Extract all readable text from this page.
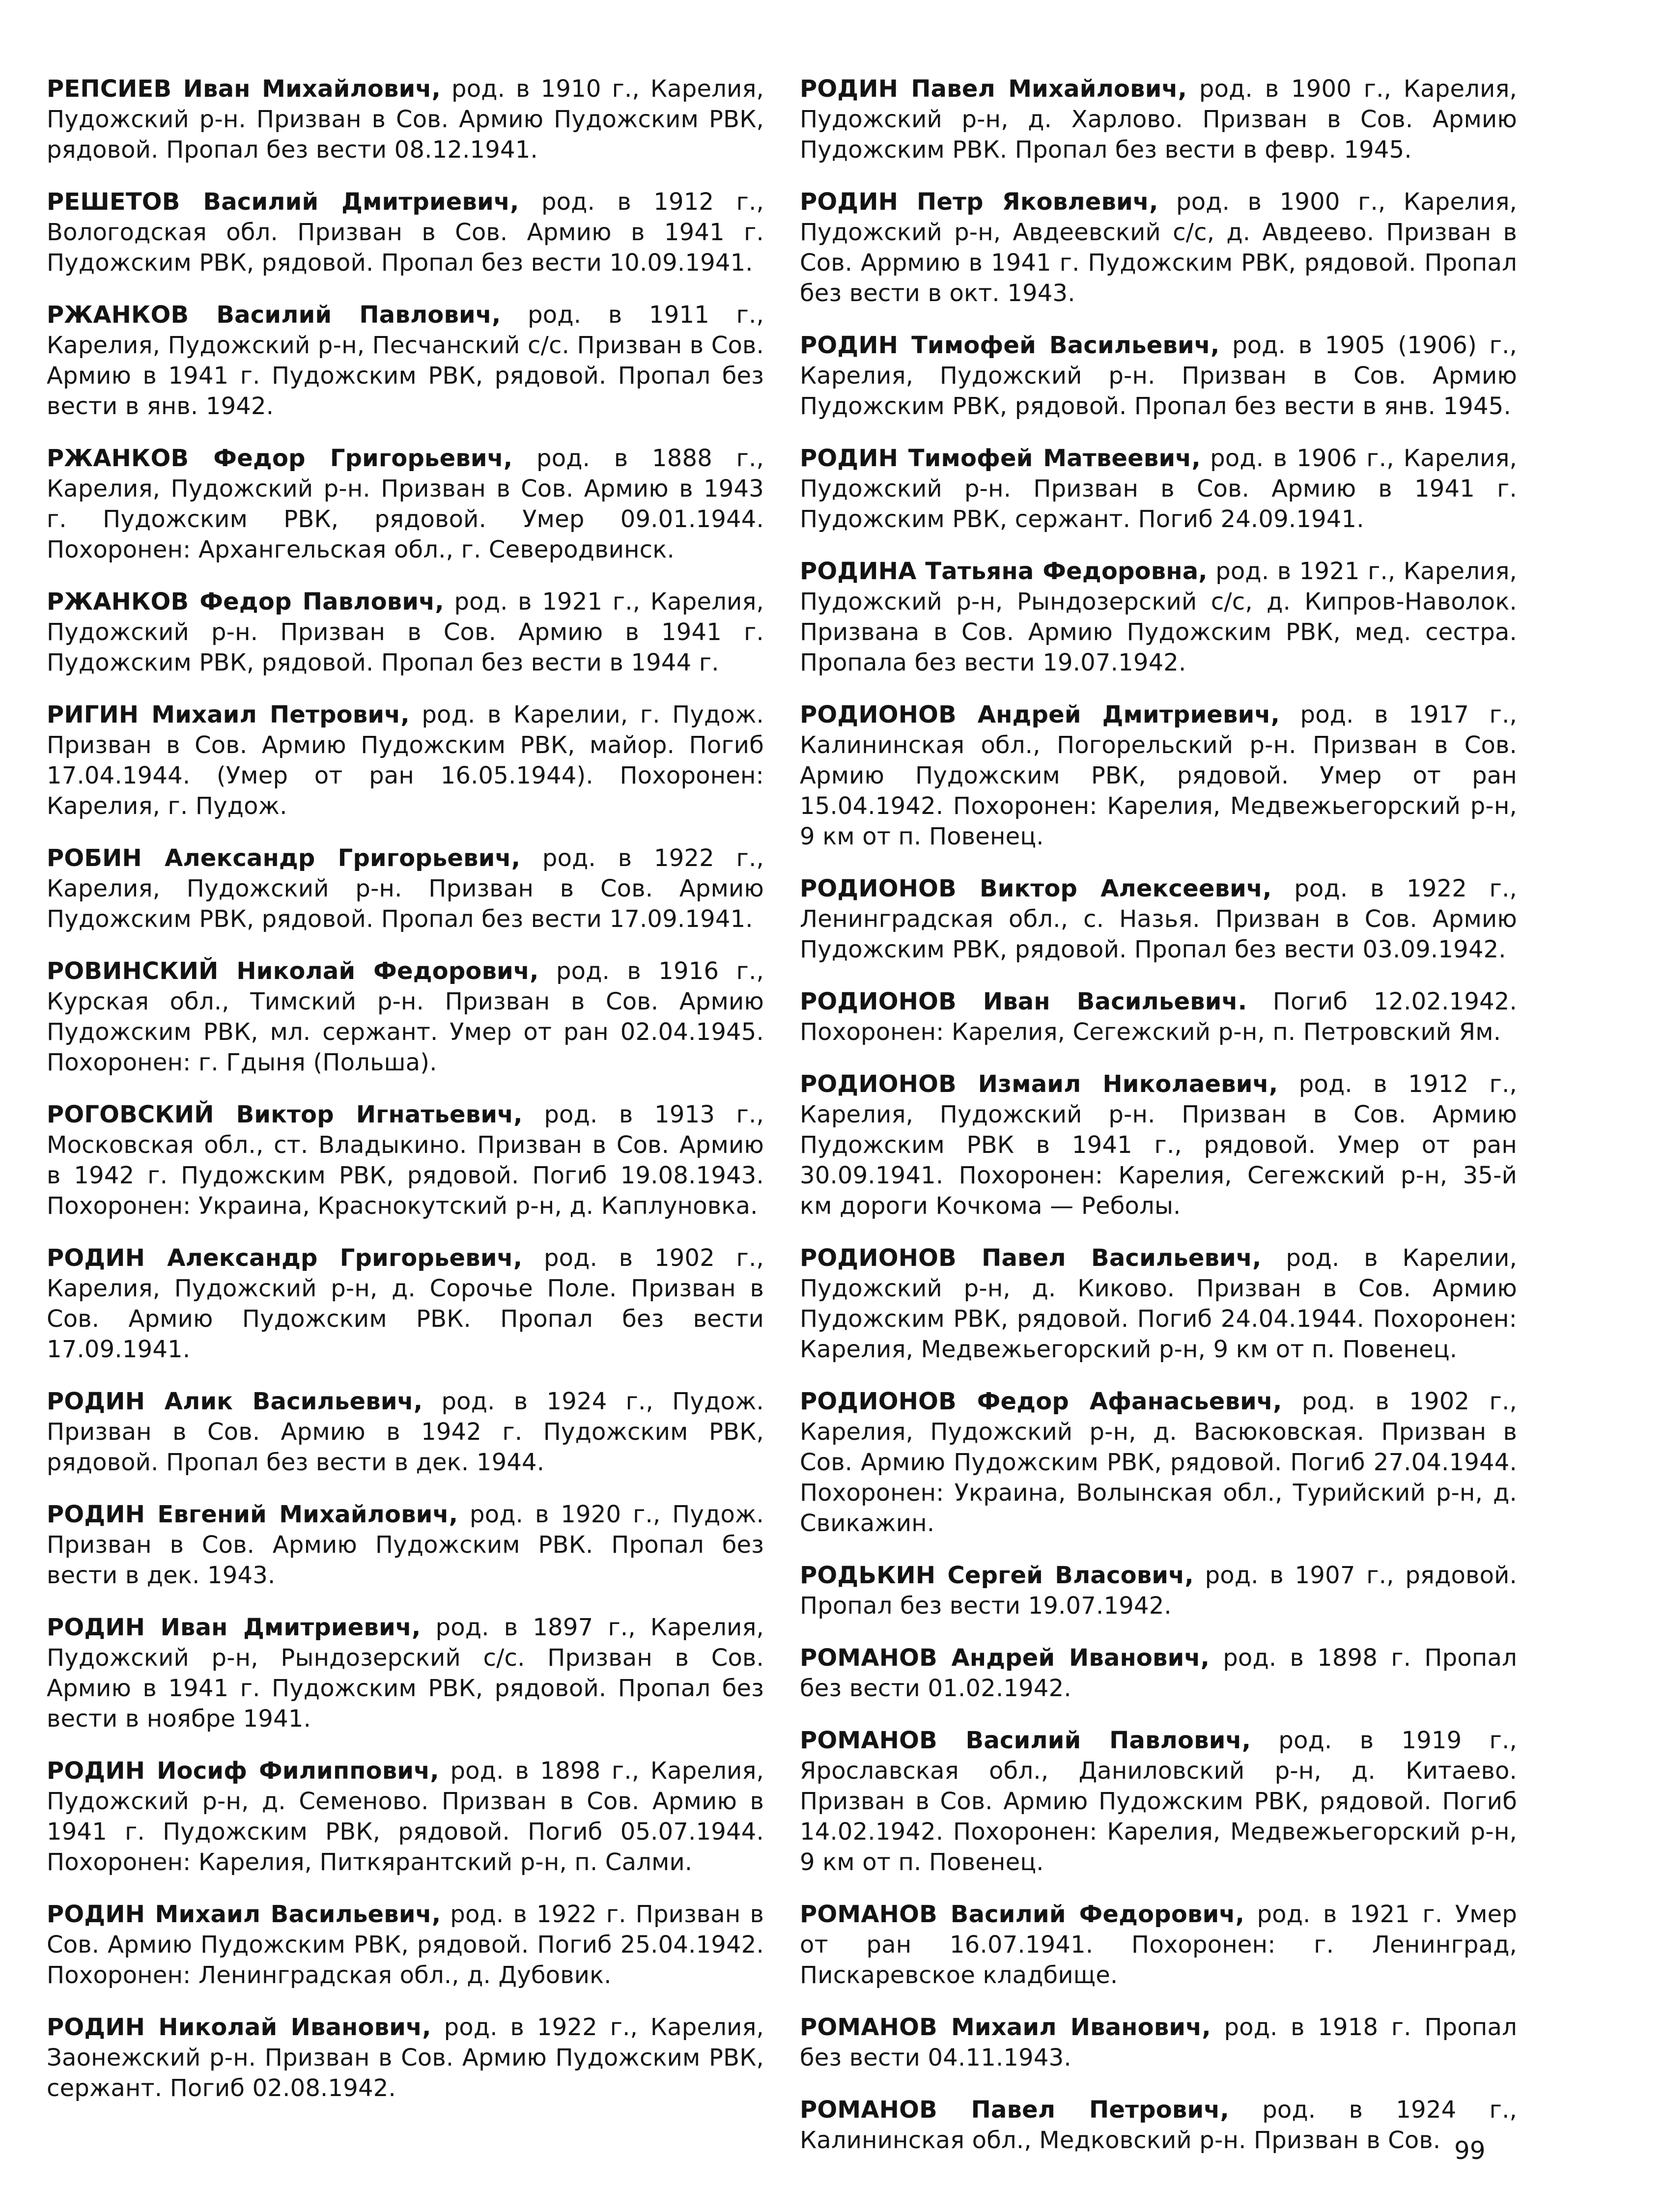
РЕПСИЕВ Иван Михайлович, род. в 1910 г., Карелия, Пудожский р-н. Призван в Сов. Армию Пудожским РВК, рядовой. Пропал без вести 08.12.1941.

РЕШЕТОВ Василий Дмитриевич, род. в 1912 г., Вологодская обл. Призван в Сов. Армию в 1941 г. Пудожским РВК, рядовой. Пропал без вести 10.09.1941.

РЖАНКОВ Василий Павлович, род. в 1911 г., Карелия, Пудожский р-н, Песчанский с/с. Призван в Сов. Армию в 1941 г. Пудожским РВК, рядовой. Пропал без вести в янв. 1942.

РЖАНКОВ Федор Григорьевич, род. в 1888 г., Карелия, Пудожский р-н. Призван в Сов. Армию в 1943 г. Пудожским РВК, рядовой. Умер 09.01.1944. Похоронен: Архангельская обл., г. Северодвинск.

РЖАНКОВ Федор Павлович, род. в 1921 г., Карелия, Пудожский р-н. Призван в Сов. Армию в 1941 г. Пудожским РВК, рядовой. Пропал без вести в 1944 г.

РИГИН Михаил Петрович, род. в Карелии, г. Пудож. Призван в Сов. Армию Пудожским РВК, майор. Погиб 17.04.1944. (Умер от ран 16.05.1944). Похоронен: Карелия, г. Пудож.

РОБИН Александр Григорьевич, род. в 1922 г., Карелия, Пудожский р-н. Призван в Сов. Армию Пудожским РВК, рядовой. Пропал без вести 17.09.1941.

РОВИНСКИЙ Николай Федорович, род. в 1916 г., Курская обл., Тимский р-н. Призван в Сов. Армию Пудожским РВК, мл. сержант. Умер от ран 02.04.1945. Похоронен: г. Гдыня (Польша).

РОГОВСКИЙ Виктор Игнатьевич, род. в 1913 г., Московская обл., ст. Владыкино. Призван в Сов. Армию в 1942 г. Пудожским РВК, рядовой. Погиб 19.08.1943. Похоронен: Украина, Краснокутский р-н, д. Каплуновка.

РОДИН Александр Григорьевич, род. в 1902 г., Карелия, Пудожский р-н, д. Сорочье Поле. Призван в Сов. Армию Пудожским РВК. Пропал без вести 17.09.1941.

РОДИН Алик Васильевич, род. в 1924 г., Пудож. Призван в Сов. Армию в 1942 г. Пудожским РВК, рядовой. Пропал без вести в дек. 1944.

РОДИН Евгений Михайлович, род. в 1920 г., Пудож. Призван в Сов. Армию Пудожским РВК. Пропал без вести в дек. 1943.

РОДИН Иван Дмитриевич, род. в 1897 г., Карелия, Пудожский р-н, Рындозерский с/с. Призван в Сов. Армию в 1941 г. Пудожским РВК, рядовой. Пропал без вести в ноябре 1941.

РОДИН Иосиф Филиппович, род. в 1898 г., Карелия, Пудожский р-н, д. Семеново. Призван в Сов. Армию в 1941 г. Пудожским РВК, рядовой. Погиб 05.07.1944. Похоронен: Карелия, Питкярантский р-н, п. Салми.

РОДИН Михаил Васильевич, род. в 1922 г. Призван в Сов. Армию Пудожским РВК, рядовой. Погиб 25.04.1942. Похоронен: Ленинградская обл., д. Дубовик.

РОДИН Николай Иванович, род. в 1922 г., Карелия, Заонежский р-н. Призван в Сов. Армию Пудожским РВК, сержант. Погиб 02.08.1942.

РОДИН Павел Михайлович, род. в 1900 г., Карелия, Пудожский р-н, д. Харлово. Призван в Сов. Армию Пудожским РВК. Пропал без вести в февр. 1945.

РОДИН Петр Яковлевич, род. в 1900 г., Карелия, Пудожский р-н, Авдеевский с/с, д. Авдеево. Призван в Сов. Аррмию в 1941 г. Пудожским РВК, рядовой. Пропал без вести в окт. 1943.

РОДИН Тимофей Васильевич, род. в 1905 (1906) г., Карелия, Пудожский р-н. Призван в Сов. Армию Пудожским РВК, рядовой. Пропал без вести в янв. 1945.

РОДИН Тимофей Матвеевич, род. в 1906 г., Карелия, Пудожский р-н. Призван в Сов. Армию в 1941 г. Пудожским РВК, сержант. Погиб 24.09.1941.

РОДИНА Татьяна Федоровна, род. в 1921 г., Карелия, Пудожский р-н, Рындозерский с/с, д. Кипров-Наволок. Призвана в Сов. Армию Пудожским РВК, мед. сестра. Пропала без вести 19.07.1942.

РОДИОНОВ Андрей Дмитриевич, род. в 1917 г., Калининская обл., Погорельский р-н. Призван в Сов. Армию Пудожским РВК, рядовой. Умер от ран 15.04.1942. Похоронен: Карелия, Медвежьегорский р-н, 9 км от п. Повенец.

РОДИОНОВ Виктор Алексеевич, род. в 1922 г., Ленинградская обл., с. Назья. Призван в Сов. Армию Пудожским РВК, рядовой. Пропал без вести 03.09.1942.

РОДИОНОВ Иван Васильевич. Погиб 12.02.1942. Похоронен: Карелия, Сегежский р-н, п. Петровский Ям.

РОДИОНОВ Измаил Николаевич, род. в 1912 г., Карелия, Пудожский р-н. Призван в Сов. Армию Пудожским РВК в 1941 г., рядовой. Умер от ран 30.09.1941. Похоронен: Карелия, Сегежский р-н, 35-й км дороги Кочкома — Реболы.

РОДИОНОВ Павел Васильевич, род. в Карелии, Пудожский р-н, д. Киково. Призван в Сов. Армию Пудожским РВК, рядовой. Погиб 24.04.1944. Похоронен: Карелия, Медвежьегорский р-н, 9 км от п. Повенец.

РОДИОНОВ Федор Афанасьевич, род. в 1902 г., Карелия, Пудожский р-н, д. Васюковская. Призван в Сов. Армию Пудожским РВК, рядовой. Погиб 27.04.1944. Похоронен: Украина, Волынская обл., Турийский р-н, д. Свикажин.

РОДЬКИН Сергей Власович, род. в 1907 г., рядовой. Пропал без вести 19.07.1942.

РОМАНОВ Андрей Иванович, род. в 1898 г. Пропал без вести 01.02.1942.

РОМАНОВ Василий Павлович, род. в 1919 г., Ярославская обл., Даниловский р-н, д. Китаево. Призван в Сов. Армию Пудожским РВК, рядовой. Погиб 14.02.1942. Похоронен: Карелия, Медвежьегорский р-н, 9 км от п. Повенец.

РОМАНОВ Василий Федорович, род. в 1921 г. Умер от ран 16.07.1941. Похоронен: г. Ленинград, Пискаревское кладбище.

РОМАНОВ Михаил Иванович, род. в 1918 г. Пропал без вести 04.11.1943.

РОМАНОВ Павел Петрович, род. в 1924 г., Калининская обл., Медковский р-н. Призван в Сов. 99
